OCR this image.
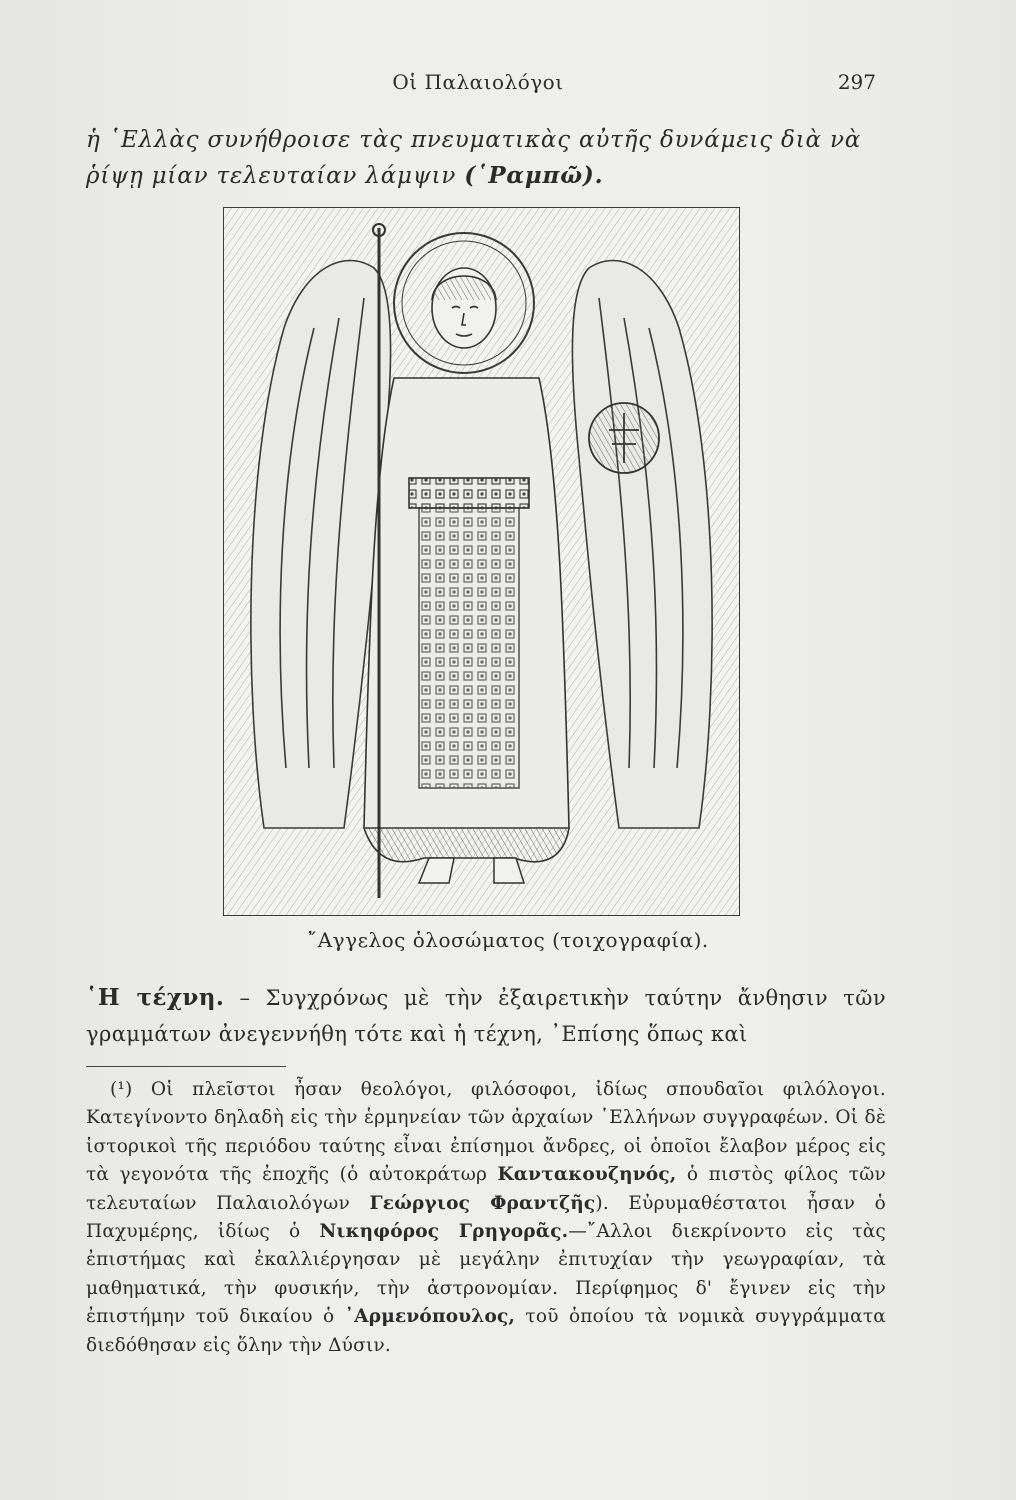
Οἱ Παλαιολόγοι	297
ἡ ῾Ελλὰς συνήθροισε τὰς πνευματικὰς αὐτῆς δυνάμεις διὰ νὰ ῥίψῃ μίαν τελευταίαν λάμψιν (῾Ραμπῶ).
῎Αγγελος ὁλοσώματος (τοιχογραφία).
῾Η τέχνη. – Συγχρόνως μὲ τὴν ἐξαιρετικὴν ταύτην ἄνθησιν τῶν γραμμάτων ἀνεγεννήθη τότε καὶ ἡ τέχνη, ᾿Επίσης ὅπως καὶ
(¹) Οἱ πλεῖστοι ἦσαν θεολόγοι, φιλόσοφοι, ἰδίως σπουδαῖοι φιλόλογοι. Κατεγίνοντο δηλαδὴ εἰς τὴν ἑρμηνείαν τῶν ἀρχαίων ῾Ελλήνων συγγραφέων. Οἱ δὲ ἱστορικοὶ τῆς περιόδου ταύτης εἶναι ἐπίσημοι ἄνδρες, οἱ ὁποῖοι ἔλαβον μέρος εἰς τὰ γεγονότα τῆς ἐποχῆς (ὁ αὐτοκράτωρ Καντακουζηνός, ὁ πιστὸς φίλος τῶν τελευταίων Παλαιολόγων Γεώργιος Φραντζῆς). Εὐρυμαθέστατοι ἦσαν ὁ Παχυμέρης, ἰδίως ὁ Νικηφόρος Γρηγορᾶς.—῎Αλλοι διεκρίνοντο εἰς τὰς ἐπιστήμας καὶ ἐκαλλιέργησαν μὲ μεγάλην ἐπιτυχίαν τὴν γεωγραφίαν, τὰ μαθηματικά, τὴν φυσικήν, τὴν ἀστρονομίαν. Περίφημος δ' ἔγινεν εἰς τὴν ἐπιστήμην τοῦ δικαίου ὁ ᾿Αρμενόπουλος, τοῦ ὁποίου τὰ νομικὰ συγγράμματα διεδόθησαν εἰς ὅλην τὴν Δύσιν.
